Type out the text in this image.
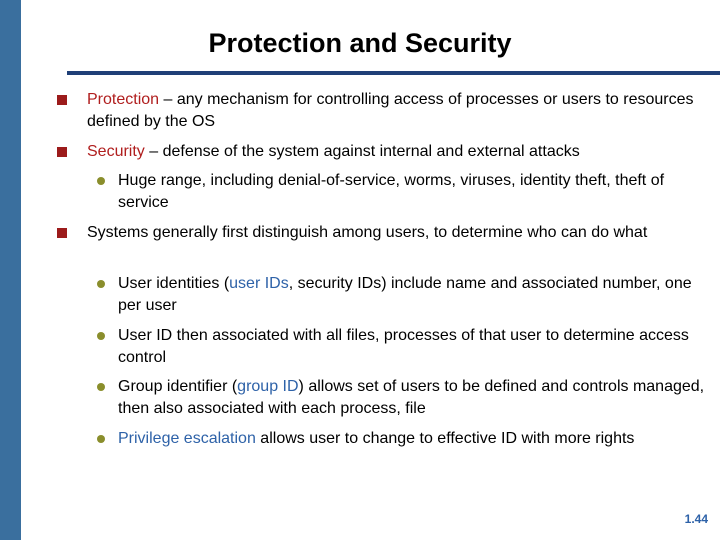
Protection and Security
Protection – any mechanism for controlling access of processes or users to resources defined by the OS
Security – defense of the system against internal and external attacks
Huge range, including denial-of-service, worms, viruses, identity theft, theft of service
Systems generally first distinguish among users, to determine who can do what
User identities (user IDs, security IDs) include name and associated number, one per user
User ID then associated with all files, processes of that user to determine access control
Group identifier (group ID) allows set of users to be defined and controls managed, then also associated with each process, file
Privilege escalation allows user to change to effective ID with more rights
1.44
